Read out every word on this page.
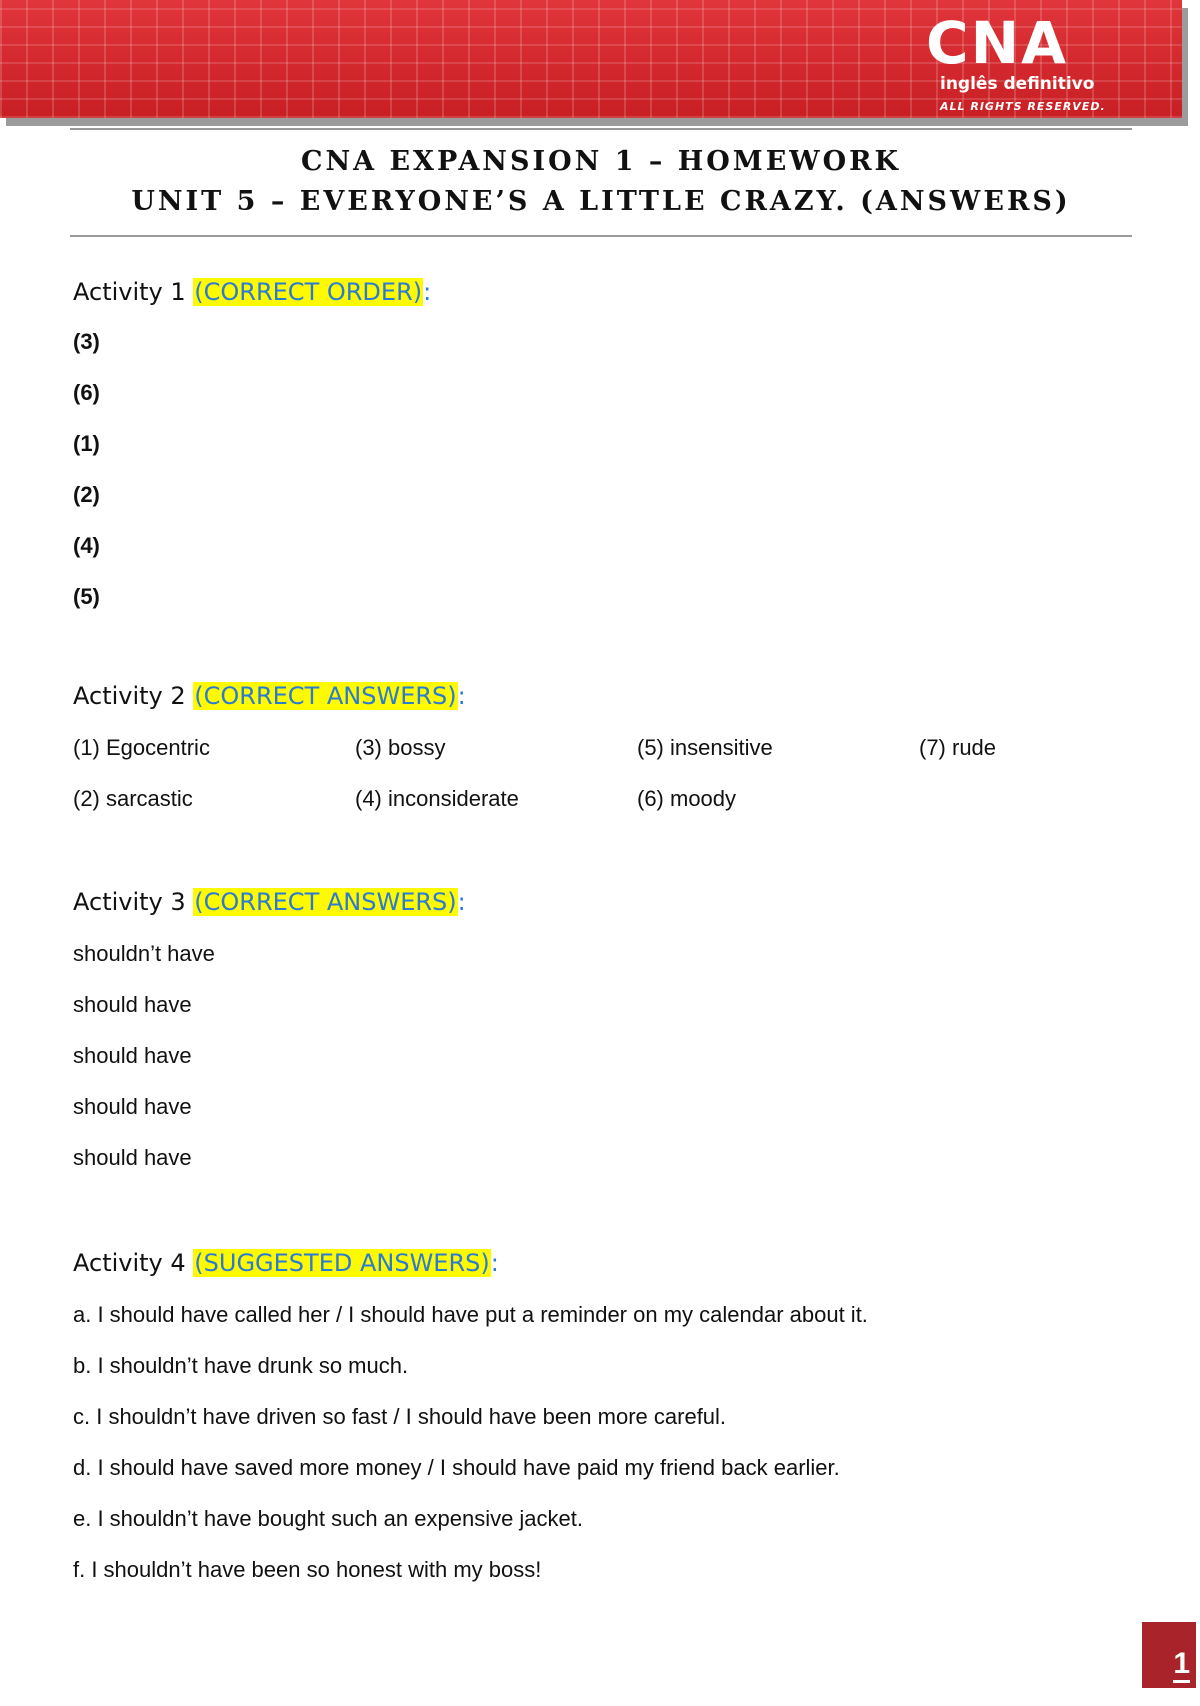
CNA
inglês definitivo
ALL RIGHTS RESERVED.
CNA EXPANSION 1 – HOMEWORK
UNIT 5 – EVERYONE’S A LITTLE CRAZY. (ANSWERS)
Activity 1 (CORRECT ORDER):
(3)
(6)
(1)
(2)
(4)
(5)
Activity 2 (CORRECT ANSWERS):
(1) Egocentric	(3) bossy	(5) insensitive	(7) rude
(2) sarcastic	(4) inconsiderate	(6) moody
Activity 3 (CORRECT ANSWERS):
shouldn’t have
should have
should have
should have
should have
Activity 4 (SUGGESTED ANSWERS):
a. I should have called her / I should have put a reminder on my calendar about it.
b. I shouldn’t have drunk so much.
c. I shouldn’t have driven so fast / I should have been more careful.
d. I should have saved more money / I should have paid my friend back earlier.
e. I shouldn’t have bought such an expensive jacket.
f. I shouldn’t have been so honest with my boss!
1
